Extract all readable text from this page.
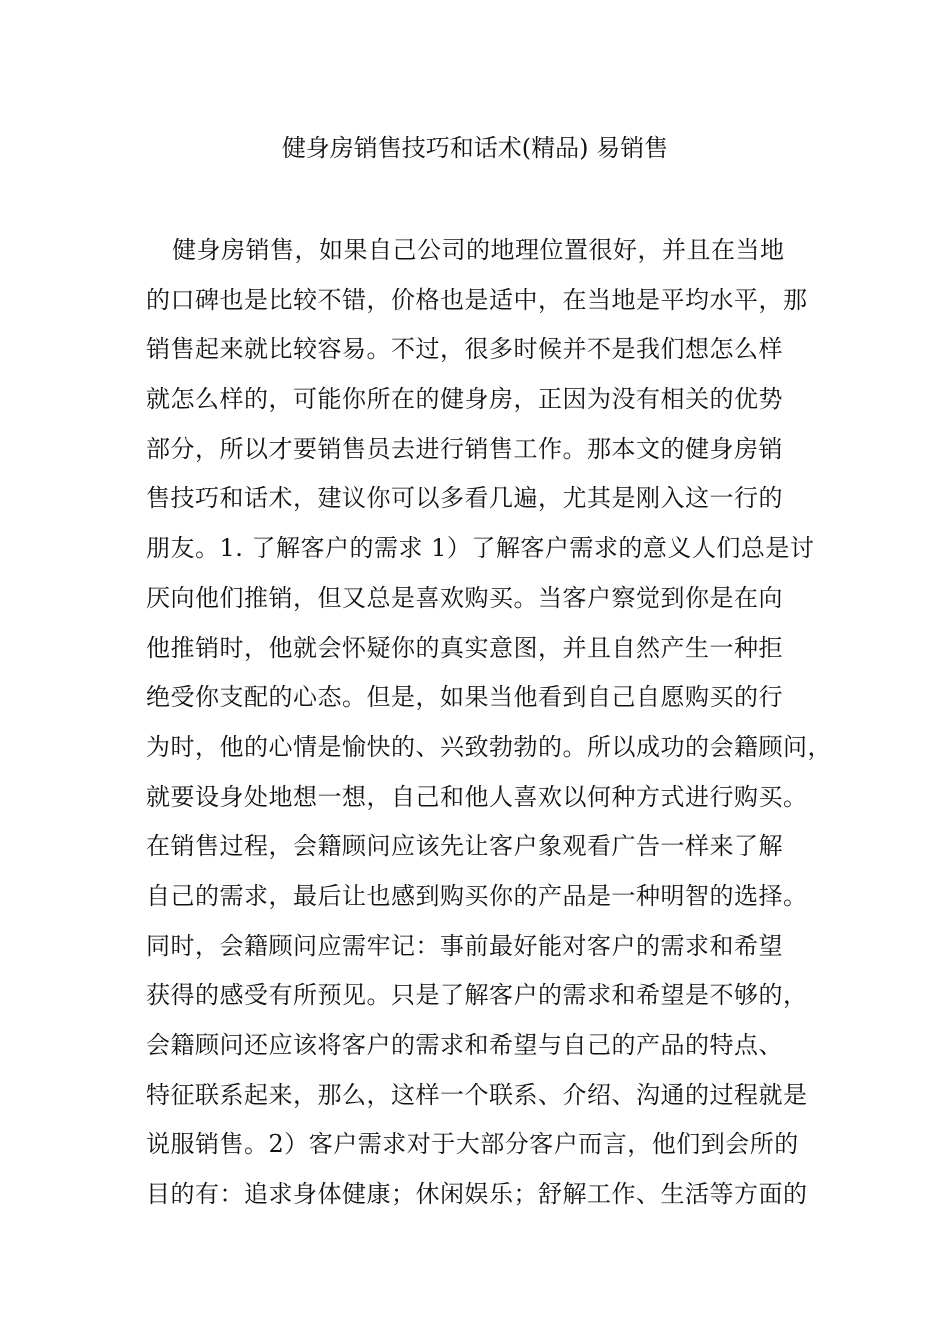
健身房销售技巧和话术(精品) 易销售
健身房销售，如果自己公司的地理位置很好，并且在当地
的口碑也是比较不错，价格也是适中，在当地是平均水平，那
销售起来就比较容易。不过，很多时候并不是我们想怎么样
就怎么样的，可能你所在的健身房，正因为没有相关的优势
部分，所以才要销售员去进行销售工作。那本文的健身房销
售技巧和话术，建议你可以多看几遍，尤其是刚入这一行的
朋友。1. 了解客户的需求 1）了解客户需求的意义人们总是讨
厌向他们推销，但又总是喜欢购买。当客户察觉到你是在向
他推销时，他就会怀疑你的真实意图，并且自然产生一种拒
绝受你支配的心态。但是，如果当他看到自己自愿购买的行
为时，他的心情是愉快的、兴致勃勃的。所以成功的会籍顾问，
就要设身处地想一想，自己和他人喜欢以何种方式进行购买。
在销售过程，会籍顾问应该先让客户象观看广告一样来了解
自己的需求，最后让也感到购买你的产品是一种明智的选择。
同时，会籍顾问应需牢记：事前最好能对客户的需求和希望
获得的感受有所预见。只是了解客户的需求和希望是不够的，
会籍顾问还应该将客户的需求和希望与自己的产品的特点、
特征联系起来，那么，这样一个联系、介绍、沟通的过程就是
说服销售。2）客户需求对于大部分客户而言，他们到会所的
目的有：追求身体健康；休闲娱乐；舒解工作、生活等方面的
